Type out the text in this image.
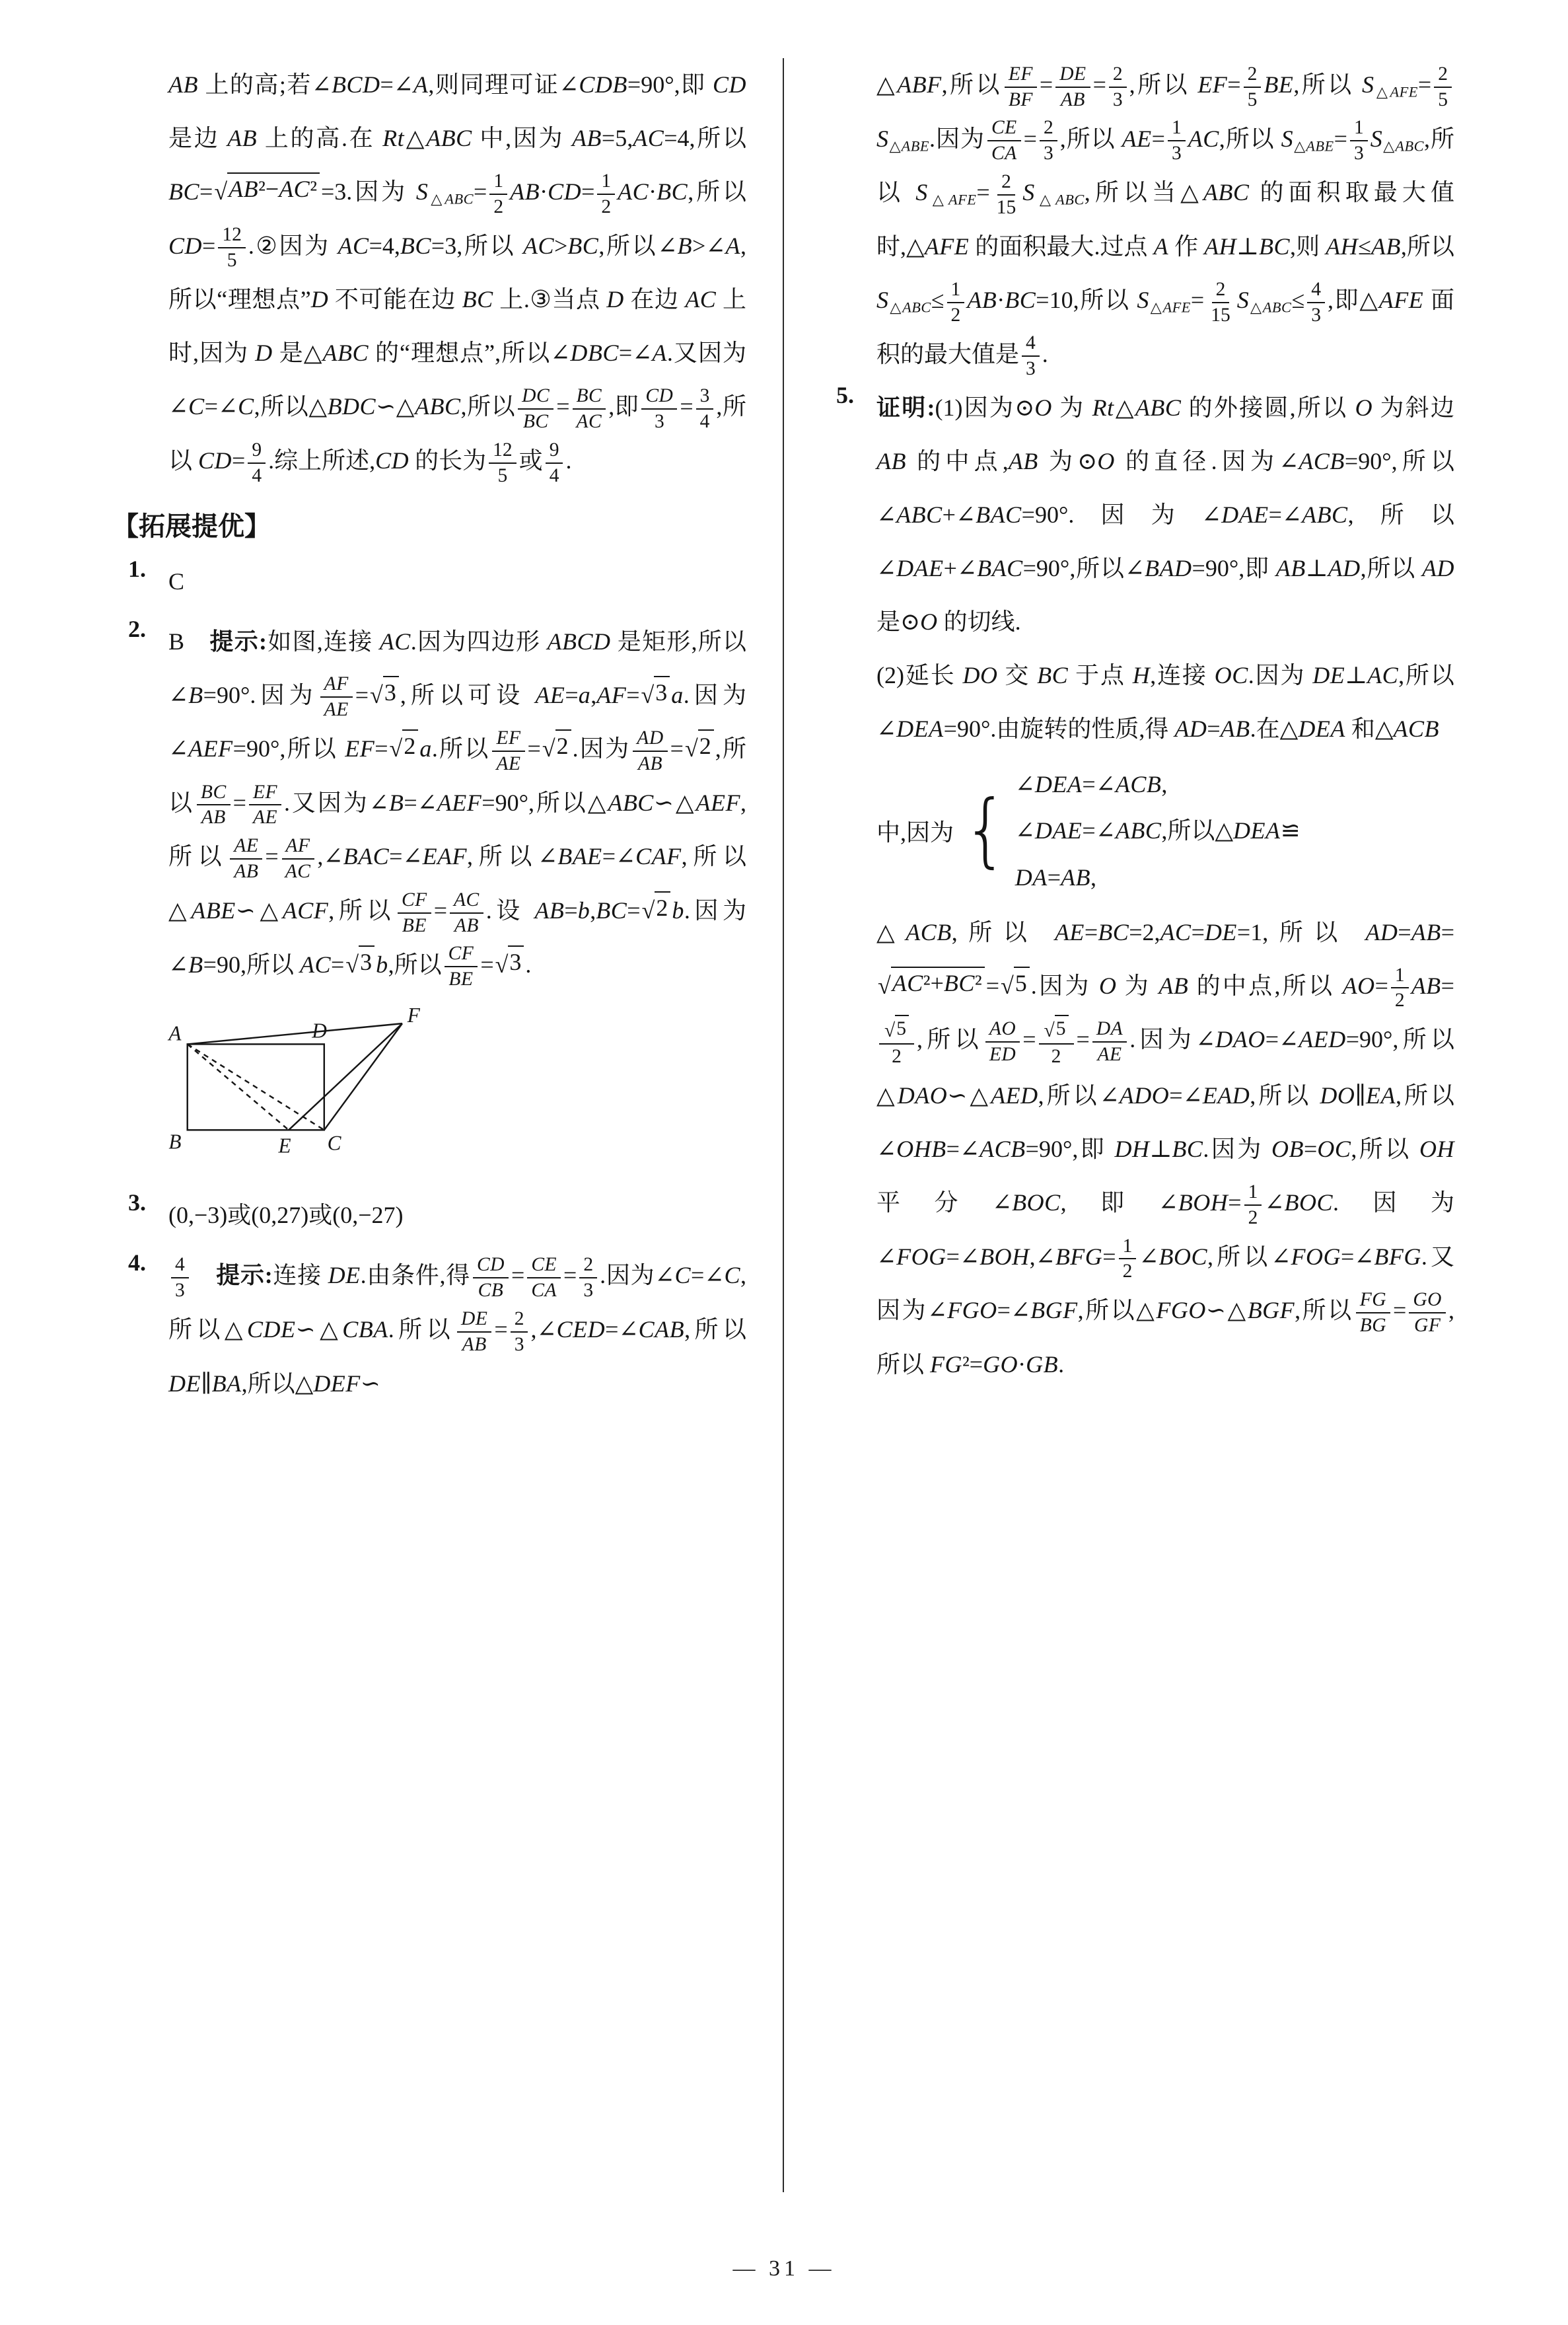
AB 上的高;若∠BCD=∠A,则同理可证∠CDB=90°,即 CD 是边 AB 上的高.在 Rt△ABC 中,因为 AB=5,AC=4,所以 BC= √ AB²−AC² =3.因为 $S_{\triangle ABC}= \frac{1}{2} AB\cdot CD= \frac{1}{2} AC\cdot BC$,所以 $CD= \frac{12}{5}$ .②因为 AC=4,BC=3,所以 AC>BC,所以∠B>∠A,所以“理想点”D 不可能在边 BC 上.③当点 D 在边 AC 上时,因为 D 是△ABC 的“理想点”,所以∠DBC=∠A.又因为∠C=∠C,所以△BDC∽△ABC,所以 $\frac{DC}{BC} = \frac{BC}{AC}$ ,即 $\frac{CD}{3} = \frac{3}{4}$ ,所以 $CD= \frac{9}{4}$ .综上所述,CD 的长为 $\frac{12}{5}$ 或 $\frac{9}{4}$ .
【拓展提优】
1. C
2. B　 提示:如图,连接 AC.因为四边形 ABCD 是矩形,所以∠B=90°.因为 $\frac{AF}{AE}$ = √ 3 ,所以可设 AE=a,AF= √ 3 a.因为∠AEF=90°,所以 EF= √ 2 a.所以 $\frac{EF}{AE}$ = √ 2 .因为 $\frac{AD}{AB}$ = √ 2 ,所以 $\frac{BC}{AB} = \frac{EF}{AE}$ .又因为∠B=∠AEF=90°,所以△ABC∽△AEF,所以 $\frac{AE}{AB} = \frac{AF}{AC}$ ,∠BAC=∠EAF,所以∠BAE=∠CAF,所以△ABE∽△ACF,所以 $\frac{CF}{BE} = \frac{AC}{AB}$ .设 AB=b,BC= √ 2 b.因为∠B=90,所以 AC= √ 3 b,所以 $\frac{CF}{BE}$ = √ 3 .
A
B	C
D
E
F
3. (0,−3)或(0,27)或(0,−27)
4.	$\frac{4}{3}$
　 提示:连接 DE.由条件,得 $\frac{CD}{CB} = \frac{CE}{CA} = \frac{2}{3}$ .因为∠C=∠C,所以△CDE∽△CBA.所以 $\frac{DE}{AB} = \frac{2}{3}$ ,∠CED=∠CAB,所以 DE∥BA,所以△DEF∽
△ABF,所以 $\frac{EF}{BF} = \frac{DE}{AB} = \frac{2}{3}$ ,所以 $EF= \frac{2}{5}$ BE,所以 $S_{\triangle AFE}= \frac{2}{5}$
$S_{\triangle ABE}$.因为 $\frac{CE}{CA} = \frac{2}{3}$ ,所以 $AE= \frac{1}{3}$ AC,所以 $S_{\triangle ABE}= \frac{1}{3} S_{\triangle ABC}$,所以 $S_{\triangle AFE}= \frac{2}{15} S_{\triangle ABC}$,所以当△ABC 的面积取最大值时,△AFE 的面积最大.过点 A 作 AH⊥BC,则 AH≤AB,所以 $S_{\triangle ABC}\le \frac{1}{2} AB\cdot BC=10$,所以 $S_{\triangle AFE}= \frac{2}{15} S_{\triangle ABC}\le \frac{4}{3}$ ,即△AFE 面积的最大值是 $\frac{4}{3}$ .
5. 证明:(1)因为⊙O 为 Rt△ABC 的外接圆,所以 O 为斜边 AB 的中点,AB 为⊙O 的直径.因为∠ACB=90°,所以∠ABC+∠BAC=90°.因为∠DAE=∠ABC,所以∠DAE+∠BAC=90°,所以∠BAD=90°,即 AB⊥AD,所以 AD 是⊙O 的切线.
(2)延长 DO 交 BC 于点 H,连接 OC.因为 DE⊥AC,所以∠DEA=90°.由旋转的性质,得 AD=AB.在△DEA 和△ACB
中,因为 { ∠DEA=∠ACB,
∠DAE=∠ABC,所以△DEA≌
DA=AB,
△ACB,所以 AE=BC=2,AC=DE=1,所以 AD=AB=
√ AC²+BC² = √ 5 .因为 O 为 AB 的中点,所以 $AO= \frac{1}{2} AB=$
$\frac{√ 5}{2}$ ,所以 $\frac{AO}{ED} = \frac{√ 5}{2} = \frac{DA}{AE}$ .因为∠DAO=∠AED=90°,所以△DAO∽△AED,所以∠ADO=∠EAD,所以 DO∥EA,所以∠OHB=∠ACB=90°,即 DH⊥BC.因为 OB=OC,所以 OH 平分∠BOC,即∠BOH= $\frac{1}{2}$ ∠BOC.因为∠FOG=∠BOH,∠BFG= $\frac{1}{2}$ ∠BOC,所以∠FOG=∠BFG.又因为∠FGO=∠BGF,所以△FGO∽△BGF,所以 $\frac{FG}{BG} = \frac{GO}{GF}$ ,所以 FG²=GO·GB.
— 31 —
